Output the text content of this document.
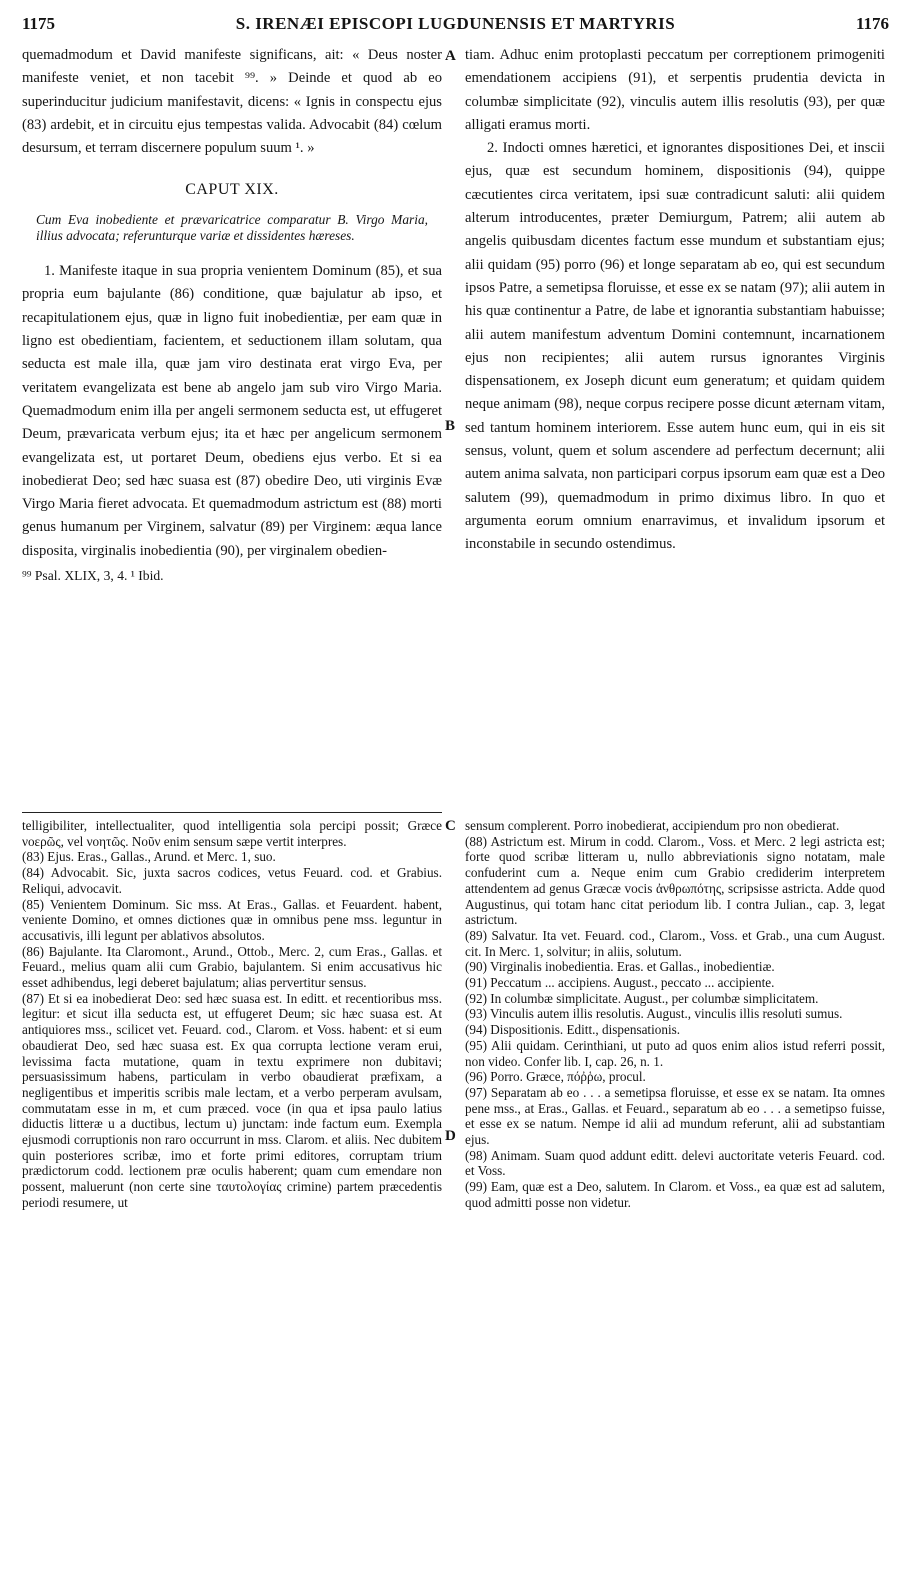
1175	S. IRENÆI EPISCOPI LUGDUNENSIS ET MARTYRIS	1176

quemadmodum et David manifeste significans, ait: « Deus noster manifeste veniet, et non tacebit ⁹⁹. » Deinde et quod ab eo superinducitur judicium manifestavit, dicens: « Ignis in conspectu ejus (83) ardebit, et in circuitu ejus tempestas valida. Advocabit (84) cœlum desursum, et terram discernere populum suum ¹. »

CAPUT XIX.

Cum Eva inobediente et prævaricatrice comparatur B. Virgo Maria, illius advocata; referunturque variæ et dissidentes hæreses.

1. Manifeste itaque in sua propria venientem Dominum (85), et sua propria eum bajulante (86) conditione, quæ bajulatur ab ipso, et recapitulationem ejus, quæ in ligno fuit inobedientiæ, per eam quæ in ligno est obedientiam, facientem, et seductionem illam solutam, qua seducta est male illa, quæ jam viro destinata erat virgo Eva, per veritatem evangelizata est bene ab angelo jam sub viro Virgo Maria. Quemadmodum enim illa per angeli sermonem seducta est, ut effugeret Deum, prævaricata verbum ejus; ita et hæc per angelicum sermonem evangelizata est, ut portaret Deum, obediens ejus verbo. Et si ea inobedierat Deo; sed hæc suasa est (87) obedire Deo, uti virginis Evæ Virgo Maria fieret advocata. Et quemadmodum astrictum est (88) morti genus humanum per Virginem, salvatur (89) per Virginem: æqua lance disposita, virginalis inobedientia (90), per virginalem obedien-

⁹⁹ Psal. XLIX, 3, 4. ¹ Ibid.

tiam. Adhuc enim protoplasti peccatum per correptionem primogeniti emendationem accipiens (91), et serpentis prudentia devicta in columbæ simplicitate (92), vinculis autem illis resolutis (93), per quæ alligati eramus morti.

2. Indocti omnes hæretici, et ignorantes dispositiones Dei, et inscii ejus, quæ est secundum hominem, dispositionis (94), quippe cæcutientes circa veritatem, ipsi suæ contradicunt saluti: alii quidem alterum introducentes, præter Demiurgum, Patrem; alii autem ab angelis quibusdam dicentes factum esse mundum et substantiam ejus; alii quidam (95) porro (96) et longe separatam ab eo, qui est secundum ipsos Patre, a semetipsa floruisse, et esse ex se natam (97); alii autem in his quæ continentur a Patre, de labe et ignorantia substantiam habuisse; alii autem manifestum adventum Domini contemnunt, incarnationem ejus non recipientes; alii autem rursus ignorantes Virginis dispensationem, ex Joseph dicunt eum generatum; et quidam quidem neque animam (98), neque corpus recipere posse dicunt æternam vitam, sed tantum hominem interiorem. Esse autem hunc eum, qui in eis sit sensus, volunt, quem et solum ascendere ad perfectum decernunt; alii autem anima salvata, non participari corpus ipsorum eam quæ est a Deo salutem (99), quemadmodum in primo diximus libro. In quo et argumenta eorum omnium enarravimus, et invalidum ipsorum et inconstabile in secundo ostendimus.

telligibiliter, intellectualiter, quod intelligentia sola percipi possit; Græce νοερῶς, vel νοητῶς. Νοῦν enim sensum sæpe vertit interpres.

(83) Ejus. Eras., Gallas., Arund. et Merc. 1, suo.

(84) Advocabit. Sic, juxta sacros codices, vetus Feuard. cod. et Grabius. Reliqui, advocavit.

(85) Venientem Dominum. Sic mss. At Eras., Gallas. et Feuardent. habent, veniente Domino, et omnes dictiones quæ in omnibus pene mss. leguntur in accusativis, illi legunt per ablativos absolutos.

(86) Bajulante. Ita Claromont., Arund., Ottob., Merc. 2, cum Eras., Gallas. et Feuard., melius quam alii cum Grabio, bajulantem. Si enim accusativus hic esset adhibendus, legi deberet bajulatum; alias pervertitur sensus.

(87) Et si ea inobedierat Deo: sed hæc suasa est. In editt. et recentioribus mss. legitur: et sicut illa seducta est, ut effugeret Deum; sic hæc suasa est. At antiquiores mss., scilicet vet. Feuard. cod., Clarom. et Voss. habent: et si eum obaudierat Deo, sed hæc suasa est. Ex qua corrupta lectione veram erui, levissima facta mutatione, quam in textu exprimere non dubitavi; persuasissimum habens, particulam in verbo obaudierat præfixam, a negligentibus et imperitis scribis male lectam, et a verbo perperam avulsam, commutatam esse in m, et cum præced. voce (in qua et ipsa paulo latius diductis litteræ u a ductibus, lectum u) junctam: inde factum eum. Exempla ejusmodi corruptionis non raro occurrunt in mss. Clarom. et aliis. Nec dubitem quin posteriores scribæ, imo et forte primi editores, corruptam trium prædictorum codd. lectionem præ oculis haberent; quam cum emendare non possent, maluerunt (non certe sine ταυτολογίας crimine) partem præcedentis periodi resumere, ut

sensum complerent. Porro inobedierat, accipiendum pro non obedierat.

(88) Astrictum est. Mirum in codd. Clarom., Voss. et Merc. 2 legi astricta est; forte quod scribæ litteram u, nullo abbreviationis signo notatam, male confuderint cum a. Neque enim cum Grabio crediderim interpretem attendentem ad genus Græcæ vocis ἀνθρωπότης, scripsisse astricta. Adde quod Augustinus, qui totam hanc citat periodum lib. I contra Julian., cap. 3, legat astrictum.

(89) Salvatur. Ita vet. Feuard. cod., Clarom., Voss. et Grab., una cum August. cit. In Merc. 1, solvitur; in aliis, solutum.

(90) Virginalis inobedientia. Eras. et Gallas., inobedientiæ.

(91) Peccatum ... accipiens. August., peccato ... accipiente.

(92) In columbæ simplicitate. August., per columbæ simplicitatem.

(93) Vinculis autem illis resolutis. August., vinculis illis resoluti sumus.

(94) Dispositionis. Editt., dispensationis.

(95) Alii quidam. Cerinthiani, ut puto ad quos enim alios istud referri possit, non video. Confer lib. I, cap. 26, n. 1.

(96) Porro. Græce, πόῤῥω, procul.

(97) Separatam ab eo . . . a semetipsa floruisse, et esse ex se natam. Ita omnes pene mss., at Eras., Gallas. et Feuard., separatum ab eo . . . a semetipso fuisse, et esse ex se natum. Nempe id alii ad mundum referunt, alii ad substantiam ejus.

(98) Animam. Suam quod addunt editt. delevi auctoritate veteris Feuard. cod. et Voss.

(99) Eam, quæ est a Deo, salutem. In Clarom. et Voss., ea quæ est ad salutem, quod admitti posse non videtur.

A
B
C
D
